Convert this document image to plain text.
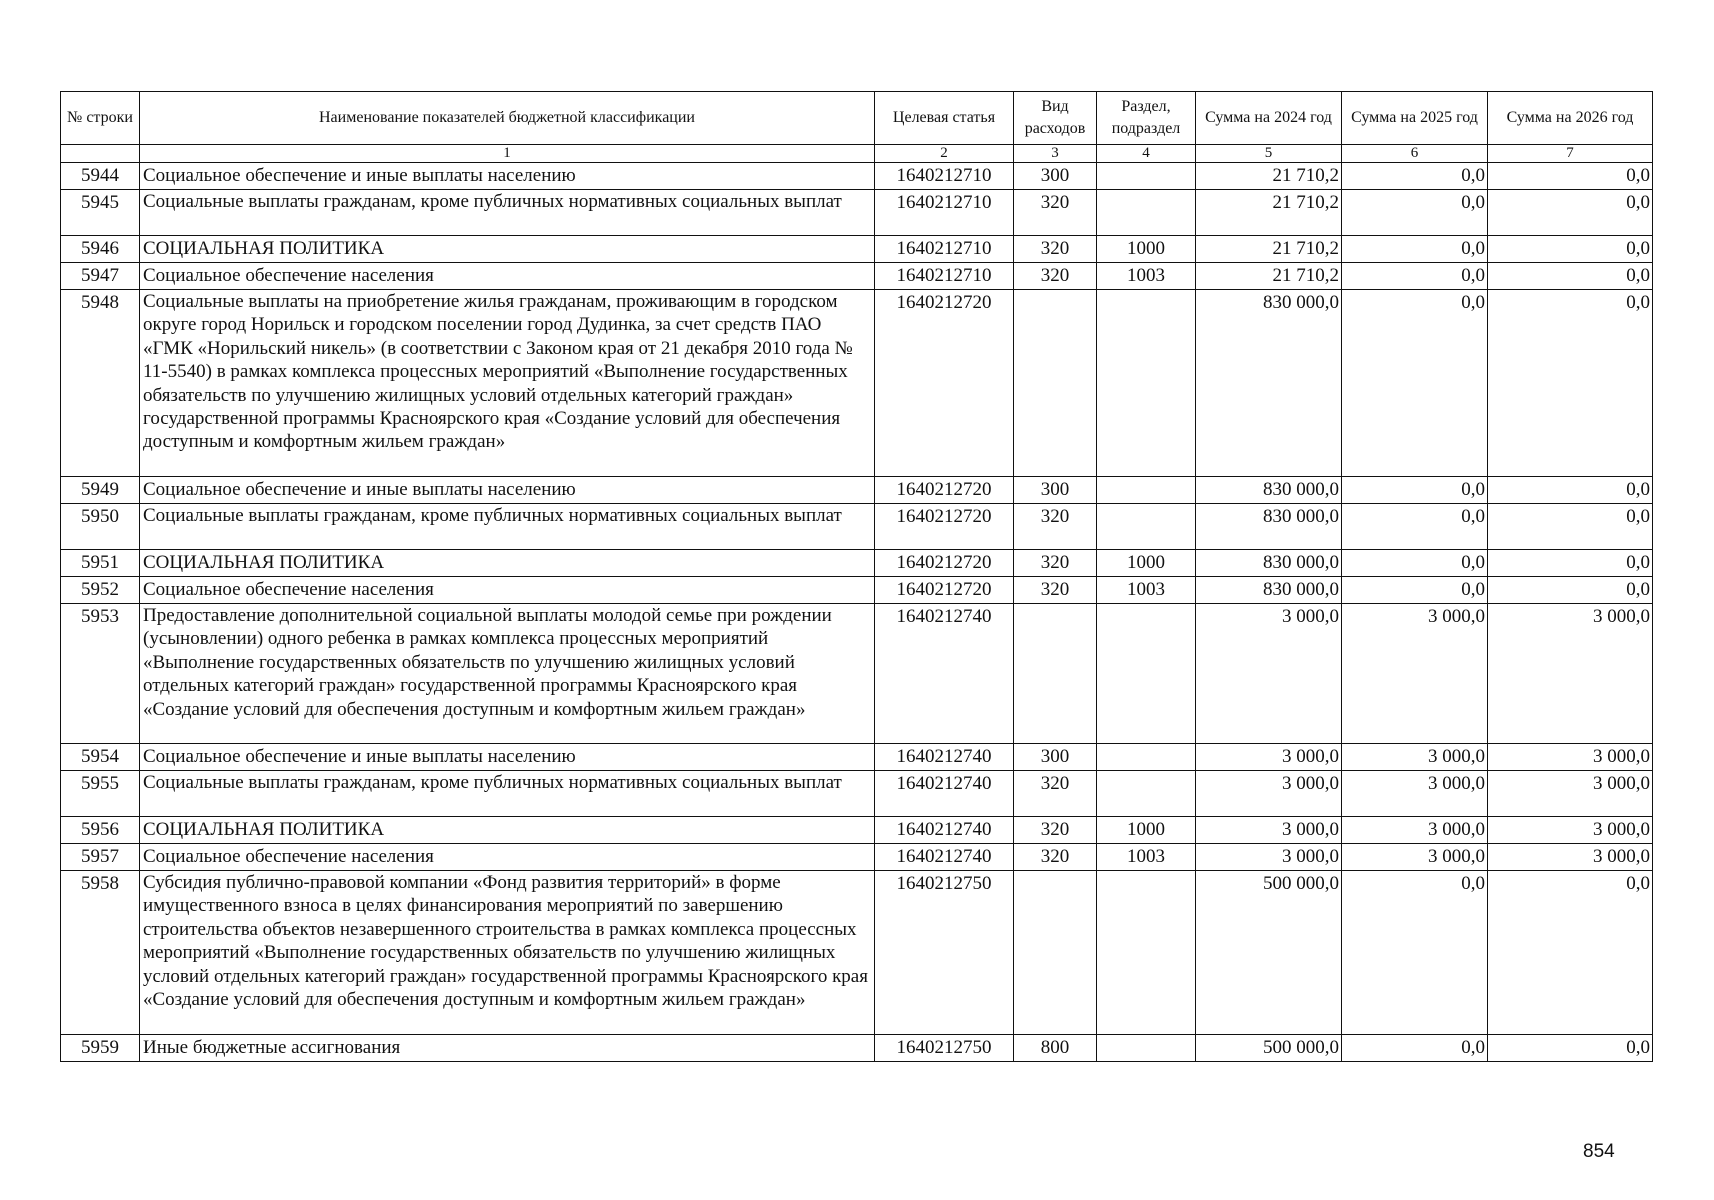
№ строки	Наименование показателей бюджетной классификации	Целевая статья	Вид расходов	Раздел, подраздел	Сумма на 2024 год	Сумма на 2025 год	Сумма на 2026 год
	1	2	3	4	5	6	7
5944	Социальное обеспечение и иные выплаты населению	1640212710	300		21 710,2	0,0	0,0
5945	Социальные выплаты гражданам, кроме публичных нормативных социальных выплат	1640212710	320		21 710,2	0,0	0,0
5946	СОЦИАЛЬНАЯ ПОЛИТИКА	1640212710	320	1000	21 710,2	0,0	0,0
5947	Социальное обеспечение населения	1640212710	320	1003	21 710,2	0,0	0,0
5948	Социальные выплаты на приобретение жилья гражданам, проживающим в городском округе город Норильск и городском поселении город Дудинка, за счет средств ПАО «ГМК «Норильский никель» (в соответствии с Законом края от 21 декабря 2010 года № 11-5540) в рамках комплекса процессных мероприятий «Выполнение государственных обязательств по улучшению жилищных условий отдельных категорий граждан» государственной программы Красноярского края «Создание условий для обеспечения доступным и комфортным жильем граждан»	1640212720			830 000,0	0,0	0,0
5949	Социальное обеспечение и иные выплаты населению	1640212720	300		830 000,0	0,0	0,0
5950	Социальные выплаты гражданам, кроме публичных нормативных социальных выплат	1640212720	320		830 000,0	0,0	0,0
5951	СОЦИАЛЬНАЯ ПОЛИТИКА	1640212720	320	1000	830 000,0	0,0	0,0
5952	Социальное обеспечение населения	1640212720	320	1003	830 000,0	0,0	0,0
5953	Предоставление дополнительной социальной выплаты молодой семье при рождении (усыновлении) одного ребенка в рамках комплекса процессных мероприятий «Выполнение государственных обязательств по улучшению жилищных условий отдельных категорий граждан» государственной программы Красноярского края «Создание условий для обеспечения доступным и комфортным жильем граждан»	1640212740			3 000,0	3 000,0	3 000,0
5954	Социальное обеспечение и иные выплаты населению	1640212740	300		3 000,0	3 000,0	3 000,0
5955	Социальные выплаты гражданам, кроме публичных нормативных социальных выплат	1640212740	320		3 000,0	3 000,0	3 000,0
5956	СОЦИАЛЬНАЯ ПОЛИТИКА	1640212740	320	1000	3 000,0	3 000,0	3 000,0
5957	Социальное обеспечение населения	1640212740	320	1003	3 000,0	3 000,0	3 000,0
5958	Субсидия публично-правовой компании «Фонд развития территорий» в форме имущественного взноса в целях финансирования мероприятий по завершению строительства объектов незавершенного строительства в рамках комплекса процессных мероприятий «Выполнение государственных обязательств по улучшению жилищных условий отдельных категорий граждан» государственной программы Красноярского края «Создание условий для обеспечения доступным и комфортным жильем граждан»	1640212750			500 000,0	0,0	0,0
5959	Иные бюджетные ассигнования	1640212750	800		500 000,0	0,0	0,0
854
